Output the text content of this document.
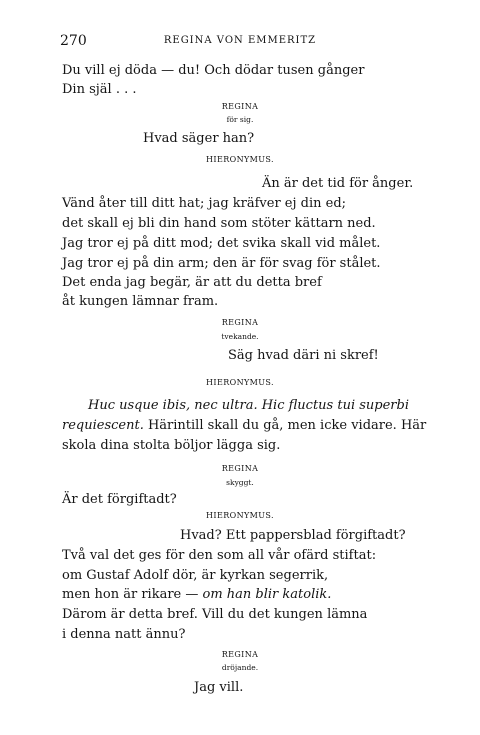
270	REGINA VON EMMERITZ
Du vill ej döda — du! Och dödar tusen gånger
Din själ . . .
REGINA
för sig.
Hvad säger han?
HIERONYMUS.
Än är det tid för ånger.
Vänd åter till ditt hat; jag kräfver ej din ed;
det skall ej bli din hand som stöter kättarn ned.
Jag tror ej på ditt mod; det svika skall vid målet.
Jag tror ej på din arm; den är för svag för stålet.
Det enda jag begär, är att du detta bref
åt kungen lämnar fram.
REGINA
tvekande.
Säg hvad däri ni skref!
HIERONYMUS.
Huc usque ibis, nec ultra. Hic fluctus tui superbi
requiescent. Härintill skall du gå, men icke vidare. Här
skola dina stolta böljor lägga sig.
REGINA
skyggt.
Är det förgiftadt?
HIERONYMUS.
Hvad? Ett pappersblad förgiftadt?
Två val det ges för den som all vår ofärd stiftat:
om Gustaf Adolf dör, är kyrkan segerrik,
men hon är rikare — om han blir katolik.
Därom är detta bref. Vill du det kungen lämna
i denna natt ännu?
REGINA
dröjande.
Jag vill.
